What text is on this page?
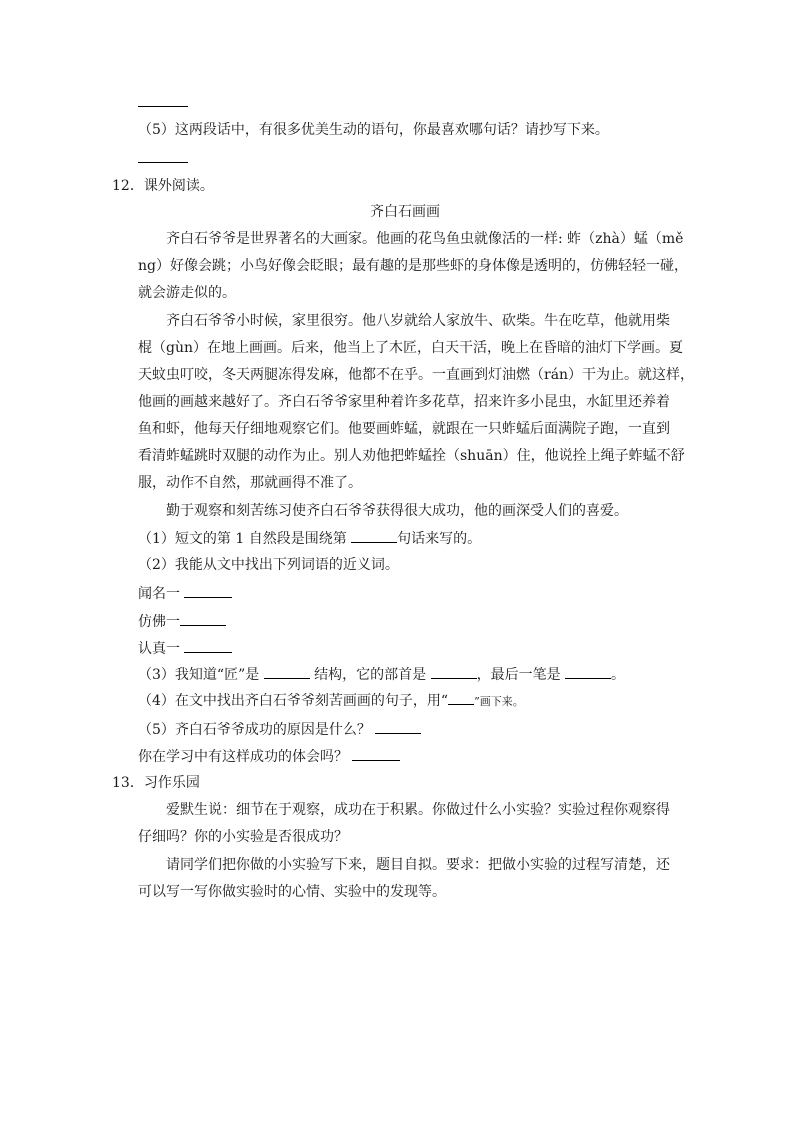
（5）这两段话中，有很多优美生动的语句，你最喜欢哪句话？请抄写下来。
12．课外阅读。
齐白石画画
齐白石爷爷是世界著名的大画家。他画的花鸟鱼虫就像活的一样: 蚱（zhà）蜢（mě
ng）好像会跳；小鸟好像会眨眼；最有趣的是那些虾的身体像是透明的，仿佛轻轻一碰，
就会游走似的。
齐白石爷爷小时候，家里很穷。他八岁就给人家放牛、砍柴。牛在吃草，他就用柴
棍（gùn）在地上画画。后来，他当上了木匠，白天干活，晚上在昏暗的油灯下学画。夏
天蚊虫叮咬，冬天两腿冻得发麻，他都不在乎。一直画到灯油燃（rán）干为止。就这样，
他画的画越来越好了。齐白石爷爷家里种着许多花草，招来许多小昆虫，水缸里还养着
鱼和虾，他每天仔细地观察它们。他要画蚱蜢，就跟在一只蚱蜢后面满院子跑，一直到
看清蚱蜢跳时双腿的动作为止。别人劝他把蚱蜢拴（shuān）住，他说拴上绳子蚱蜢不舒
服，动作不自然，那就画得不准了。
勤于观察和刻苦练习使齐白石爷爷获得很大成功，他的画深受人们的喜爱。
（1）短文的第 1 自然段是围绕第	句话来写的。
（2）我能从文中找出下列词语的近义词。
闻名一
仿佛一
认真一
（3）我知道“匠”是	结构，它的部首是	，最后一笔是	。
（4）在文中找出齐白石爷爷刻苦画画的句子，用“ ”画下来。
（5）齐白石爷爷成功的原因是什么？
你在学习中有这样成功的体会吗？
13．习作乐园
爱默生说：细节在于观察，成功在于积累。你做过什么小实验？实验过程你观察得
仔细吗？你的小实验是否很成功？
请同学们把你做的小实验写下来，题目自拟。要求：把做小实验的过程写清楚，还
可以写一写你做实验时的心情、实验中的发现等。
